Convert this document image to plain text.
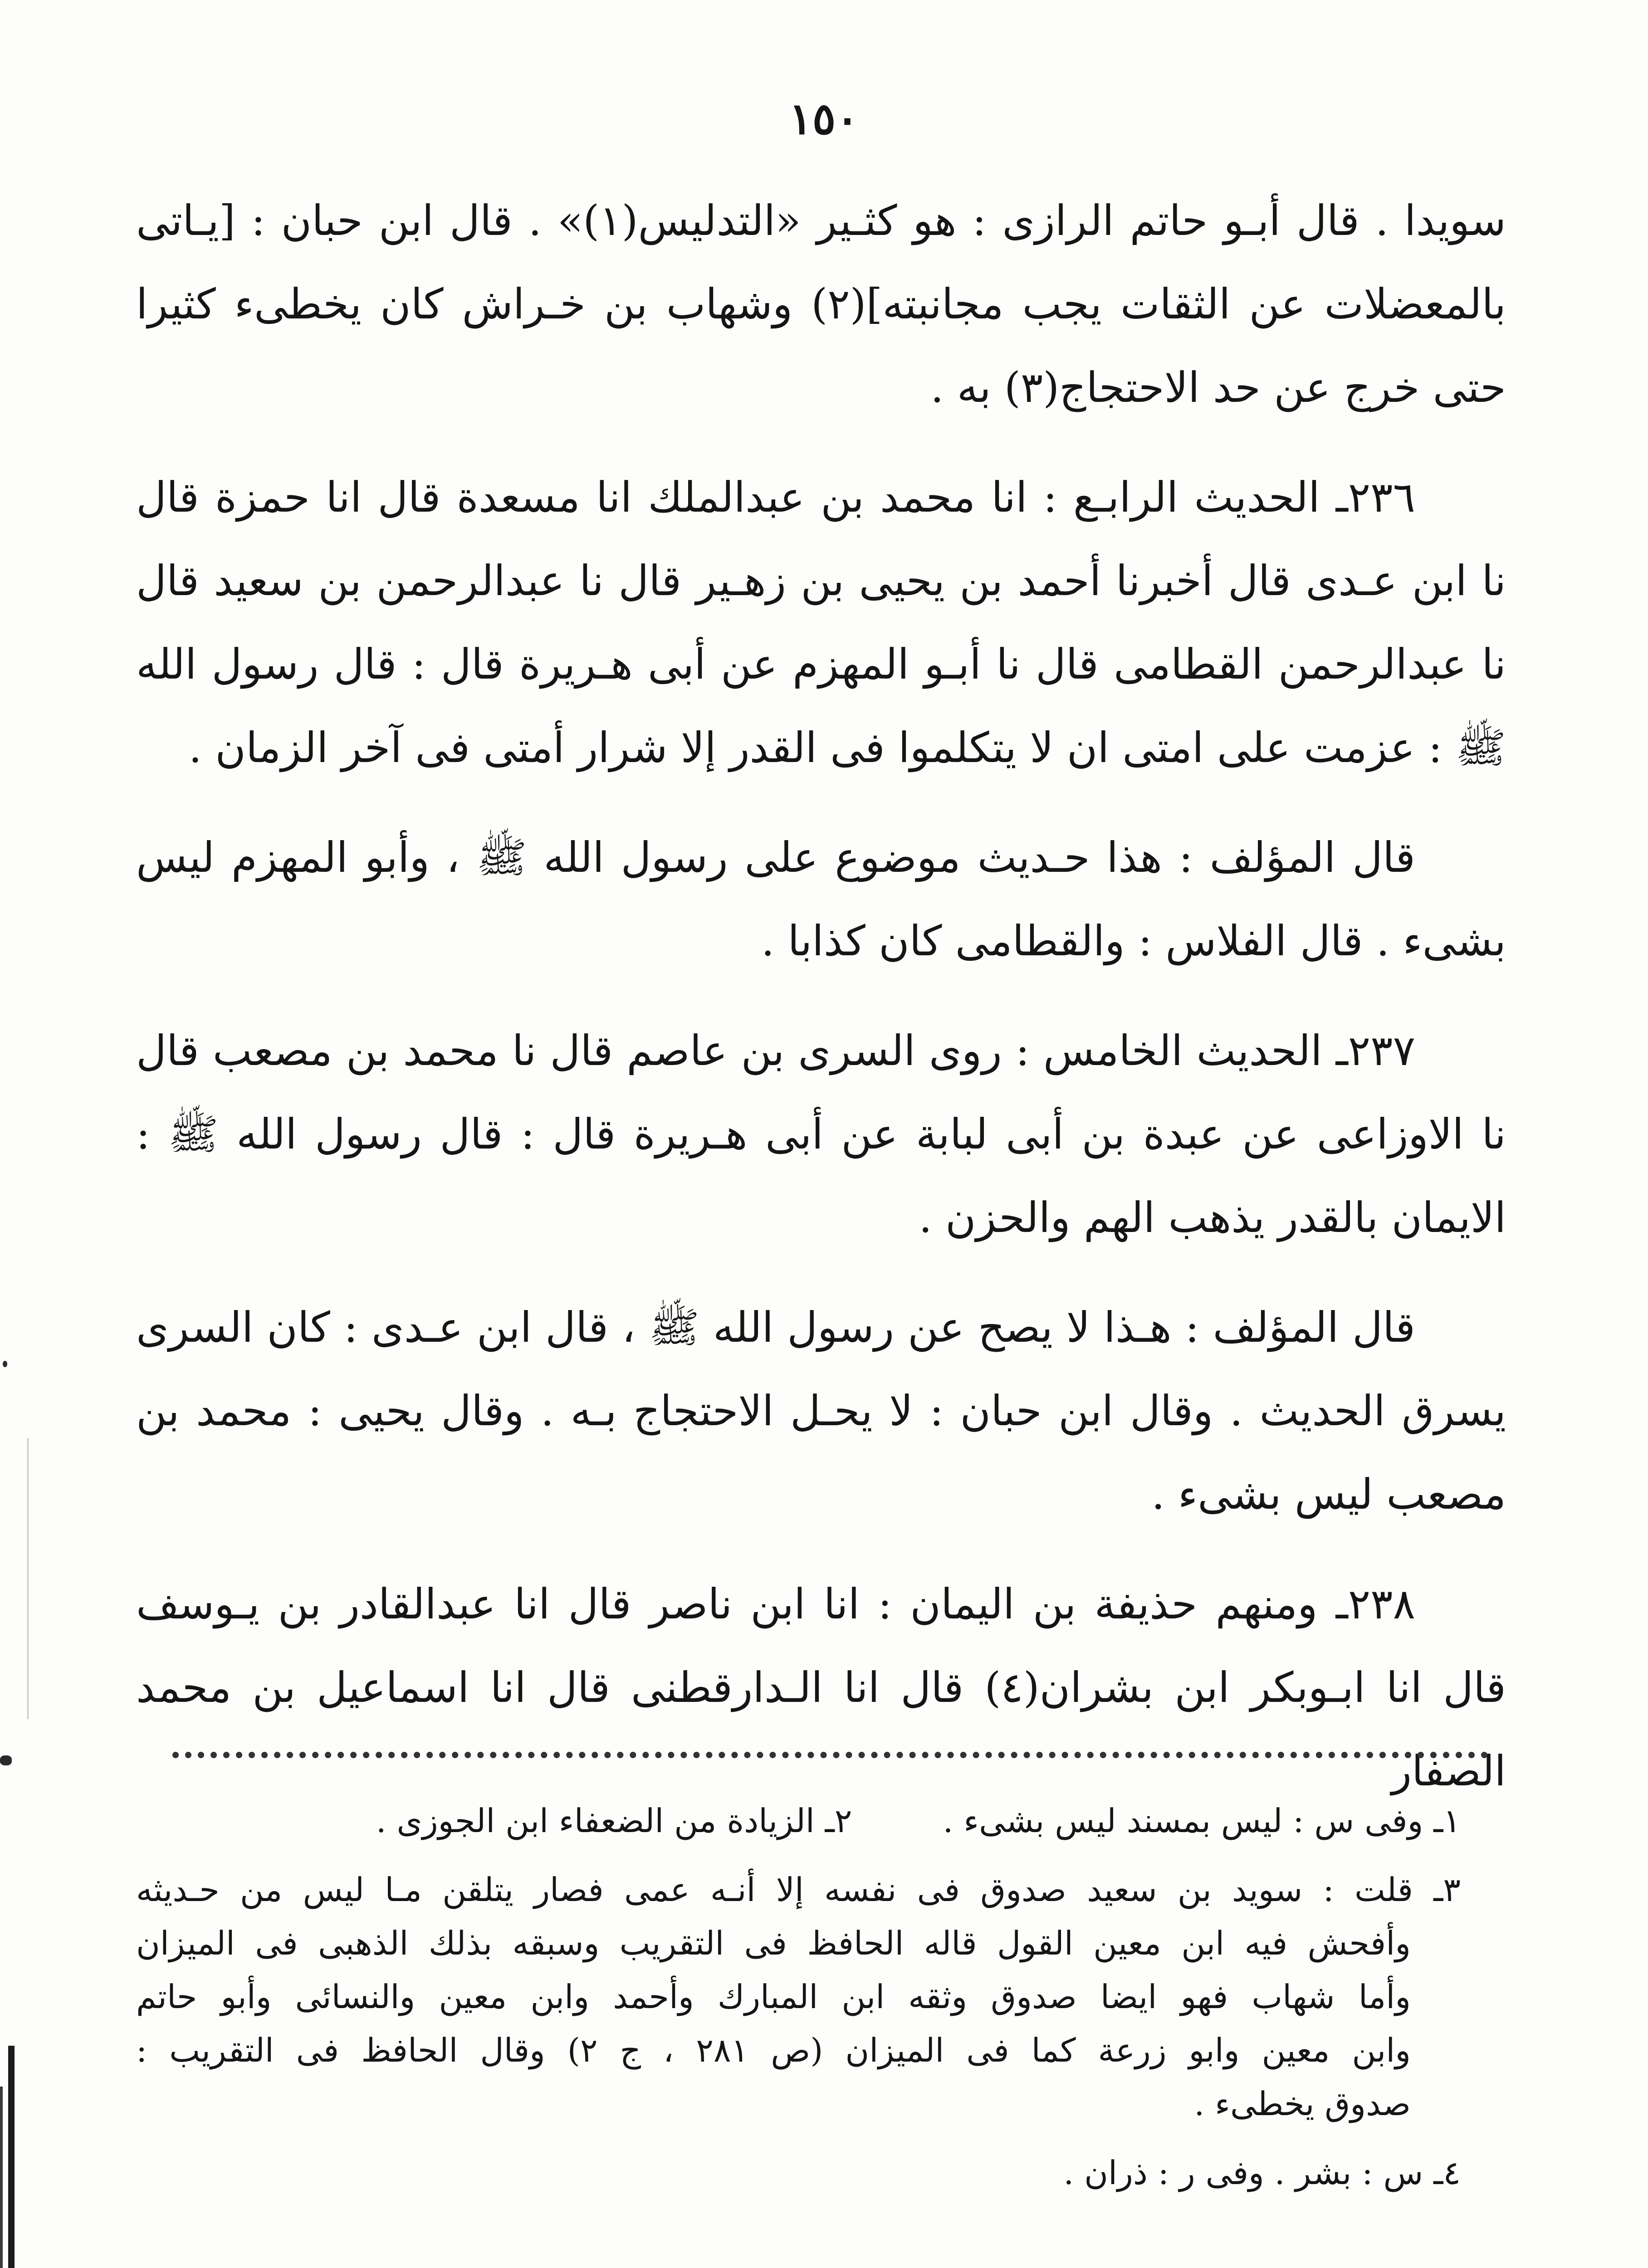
١٥٠

سويدا . قال أبـو حاتم الرازى : هو كثـير «التدليس(١)» . قال ابن حبان : [يـاتى بالمعضلات عن الثقات يجب مجانبته](٢) وشهاب بن خـراش كان يخطىء كثيرا حتى خرج عن حد الاحتجاج(٣) به .

٢٣٦ـ الحديث الرابـع : انا محمد بن عبدالملك انا مسعدة قال انا حمزة قال نا ابن عـدى قال أخبرنا أحمد بن يحيى بن زهـير قال نا عبدالرحمن بن سعيد قال نا عبدالرحمن القطامى قال نا أبـو المهزم عن أبى هـريرة قال : قال رسول الله ﷺ : عزمت على امتى ان لا يتكلموا فى القدر إلا شرار أمتى فى آخر الزمان .

قال المؤلف : هذا حـديث موضوع على رسول الله ﷺ ، وأبو المهزم ليس بشىء . قال الفلاس : والقطامى كان كذابا .

٢٣٧ـ الحديث الخامس : روى السرى بن عاصم قال نا محمد بن مصعب قال نا الاوزاعى عن عبدة بن أبى لبابة عن أبى هـريرة قال : قال رسول الله ﷺ : الايمان بالقدر يذهب الهم والحزن .

قال المؤلف : هـذا لا يصح عن رسول الله ﷺ ، قال ابن عـدى : كان السرى يسرق الحديث . وقال ابن حبان : لا يحـل الاحتجاج بـه . وقال يحيى : محمد بن مصعب ليس بشىء .

٢٣٨ـ ومنهم حذيفة بن اليمان : انا ابن ناصر قال انا عبدالقادر بن يـوسف قال انا ابـوبكر ابن بشران(٤) قال انا الـدارقطنى قال انا اسماعيل بن محمد الصفار

١ـ وفى س : ليس بمسند ليس بشىء .
٢ـ الزيادة من الضعفاء ابن الجوزى .
٣ـ قلت : سويد بن سعيد صدوق فى نفسه إلا أنـه عمى فصار يتلقن مـا ليس من حـديثه
وأفحش فيه ابن معين القول قاله الحافظ فى التقريب وسبقه بذلك الذهبى فى الميزان
وأما شهاب فهو ايضا صدوق وثقه ابن المبارك وأحمد وابن معين والنسائى وأبو حاتم
وابن معين وابو زرعة كما فى الميزان (ص ٢٨١ ، ج ٢) وقال الحافظ فى التقريب :
صدوق يخطىء .
٤ـ س : بشر . وفى ر : ذران .
